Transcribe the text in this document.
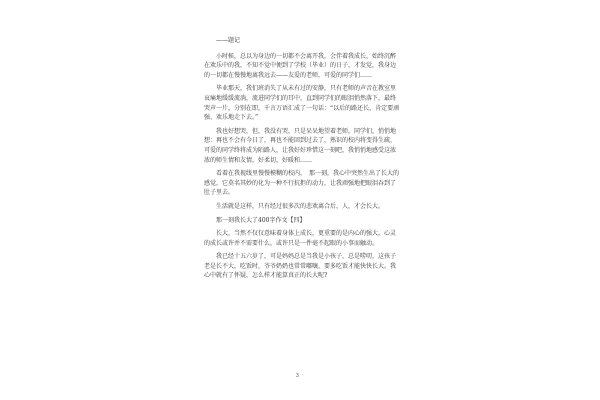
——题记

小时候，总以为身边的一切都不会离开我，会伴着我成长，始终沉醉在欢乐中的我，不知不觉中便到了学校（毕业）的日子，才发觉，我身边的一切都在慢慢地离我远去——友爱的老师，可爱的同学们……

毕业那天，我们班消失了从未有过的安静，只有老师的声音在教室里哀痛地缓缓流淌，流进同学们的耳中，直到同学们的眼泪悄然落下，最终哭声一片，分别在即，千言万语汇成了一句话：“以后的路还长，肯定要顽强、欢乐地走下去。”

我也好想哭，但，我没有哭，只是呆呆地望着老师，同学们，悄悄地想：再也不会有今日了，再也不能回到过去了，熟识的校内将变得生疏，可爱的同学终将成为陌路人，让我好好珍惜这一刻吧，我悄悄地感受这浓浓的师生情和友情，好柔切，好暖和……

看着在我视线里慢慢模糊的校内，　那一刻，我心中突然生出了长大的感觉，它莫名其妙的化为一种不行抗拒的动力，让我顽强地把眼泪吞到了肚子里去。

生活就是这样，只有经过很多次的悲欢离合后，人，才会长大。

那一刻我长大了400字作文【四】

长大，当然不仅仅意味着身体上成长，更重要的是内心的强大，心灵的成长或许并不需要什么，或许只是一件毫不起眼的小事而触动。

我已经十五六岁了，可是妈妈总是当我是小孩子，总是唠叨，这孩子老是长不大，吃饭时，爷爷奶奶也常常嘟嚷，要多吃饭才能快快长大。我心中就有了怀疑，怎么样才能算真正的长大呢?

3
